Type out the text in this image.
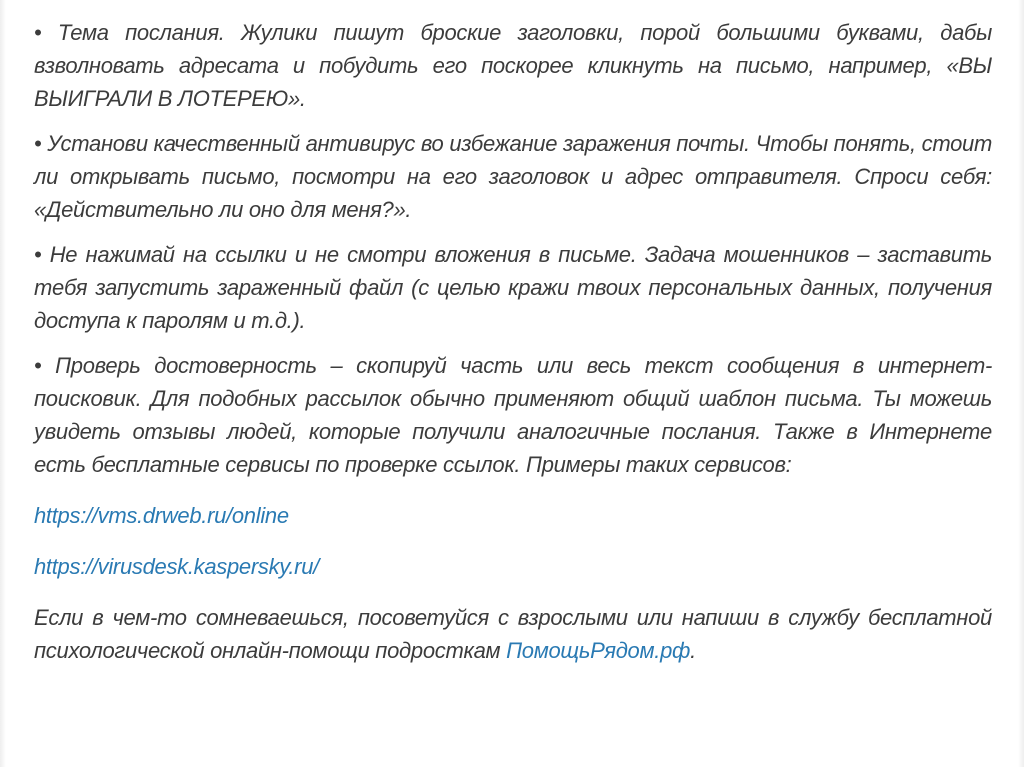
• Тема послания. Жулики пишут броские заголовки, порой большими буквами, дабы взволновать адресата и побудить его поскорее кликнуть на письмо, например, «ВЫ ВЫИГРАЛИ В ЛОТЕРЕЮ».

• Установи качественный антивирус во избежание заражения почты. Чтобы понять, стоит ли открывать письмо, посмотри на его заголовок и адрес отправителя. Спроси себя: «Действительно ли оно для меня?».

• Не нажимай на ссылки и не смотри вложения в письме. Задача мошенников – заставить тебя запустить зараженный файл (с целью кражи твоих персональных данных, получения доступа к паролям и т.д.).

• Проверь достоверность – скопируй часть или весь текст сообщения в интернет-поисковик. Для подобных рассылок обычно применяют общий шаблон письма. Ты можешь увидеть отзывы людей, которые получили аналогичные послания. Также в Интернете есть бесплатные сервисы по проверке ссылок. Примеры таких сервисов:

https://vms.drweb.ru/online

https://virusdesk.kaspersky.ru/

Если в чем-то сомневаешься, посоветуйся с взрослыми или напиши в службу бесплатной психологической онлайн-помощи подросткам ПомощьРядом.рф.
